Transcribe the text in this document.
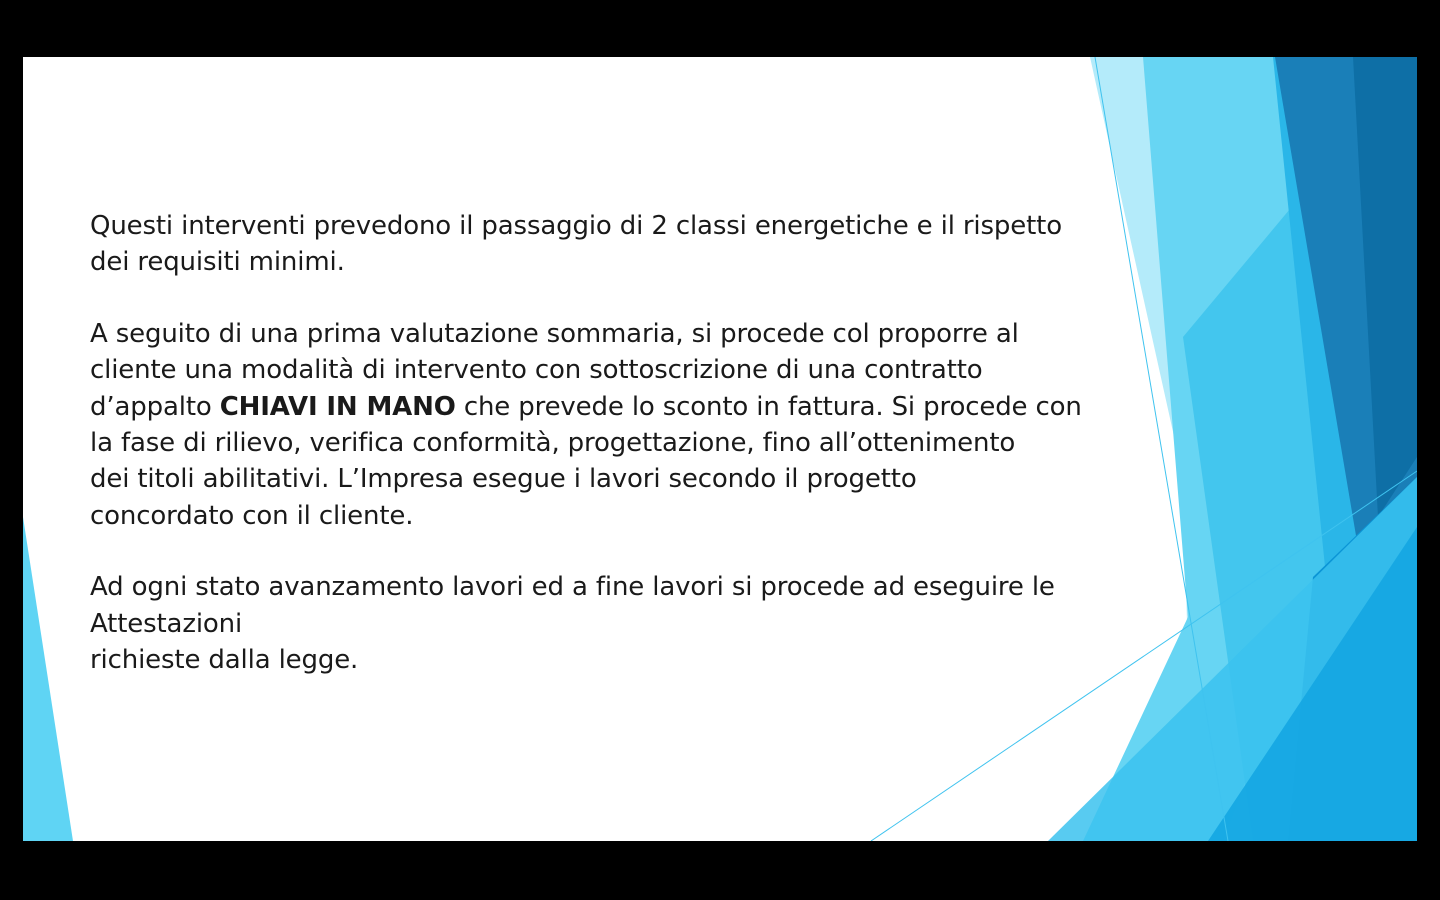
Questi interventi prevedono il passaggio di 2 classi energetiche e il rispetto
dei requisiti minimi.

A seguito di una prima valutazione sommaria, si procede col proporre al
cliente una modalità di intervento con sottoscrizione di una contratto
d’appalto CHIAVI IN MANO che prevede lo sconto in fattura. Si procede con
la fase di rilievo, verifica conformità, progettazione, fino all’ottenimento
dei titoli abilitativi. L’Impresa esegue i lavori secondo il progetto
concordato con il cliente.

Ad ogni stato avanzamento lavori ed a fine lavori si procede ad eseguire le
Attestazioni
richieste dalla legge.
